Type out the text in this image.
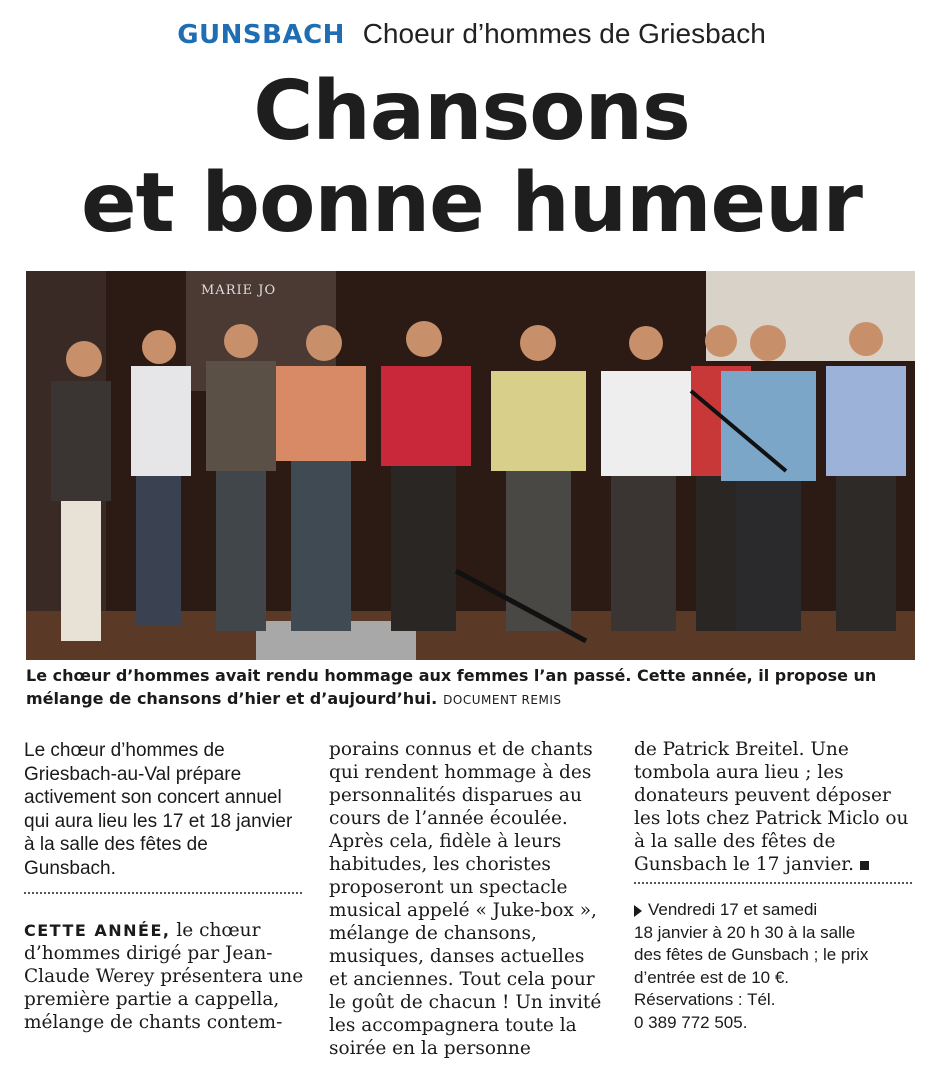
GUNSBACH Choeur d’hommes de Griesbach
Chansons
et bonne humeur
MARIE JO
Le chœur d’hommes avait rendu hommage aux femmes l’an passé. Cette année, il propose un mélange de chansons d’hier et d’aujourd’hui. DOCUMENT REMIS

Le chœur d’hommes de Griesbach-au-Val prépare activement son concert annuel qui aura lieu les 17 et 18 janvier à la salle des fêtes de Gunsbach.

CETTE ANNÉE, le chœur d’hommes dirigé par Jean-Claude Werey présentera une première partie a cappella, mélange de chants contem-

porains connus et de chants qui rendent hommage à des personnalités disparues au cours de l’année écoulée. Après cela, fidèle à leurs habitudes, les choristes proposeront un spectacle musical appelé « Juke-box », mélange de chansons, musiques, danses actuelles et anciennes. Tout cela pour le goût de chacun ! Un invité les accompagnera toute la soirée en la personne

de Patrick Breitel. Une tombola aura lieu ; les donateurs peuvent déposer les lots chez Patrick Miclo ou à la salle des fêtes de Gunsbach le 17 janvier.

Vendredi 17 et samedi
18 janvier à 20 h 30 à la salle
des fêtes de Gunsbach ; le prix
d’entrée est de 10 €.
Réservations : Tél.
0 389 772 505.
